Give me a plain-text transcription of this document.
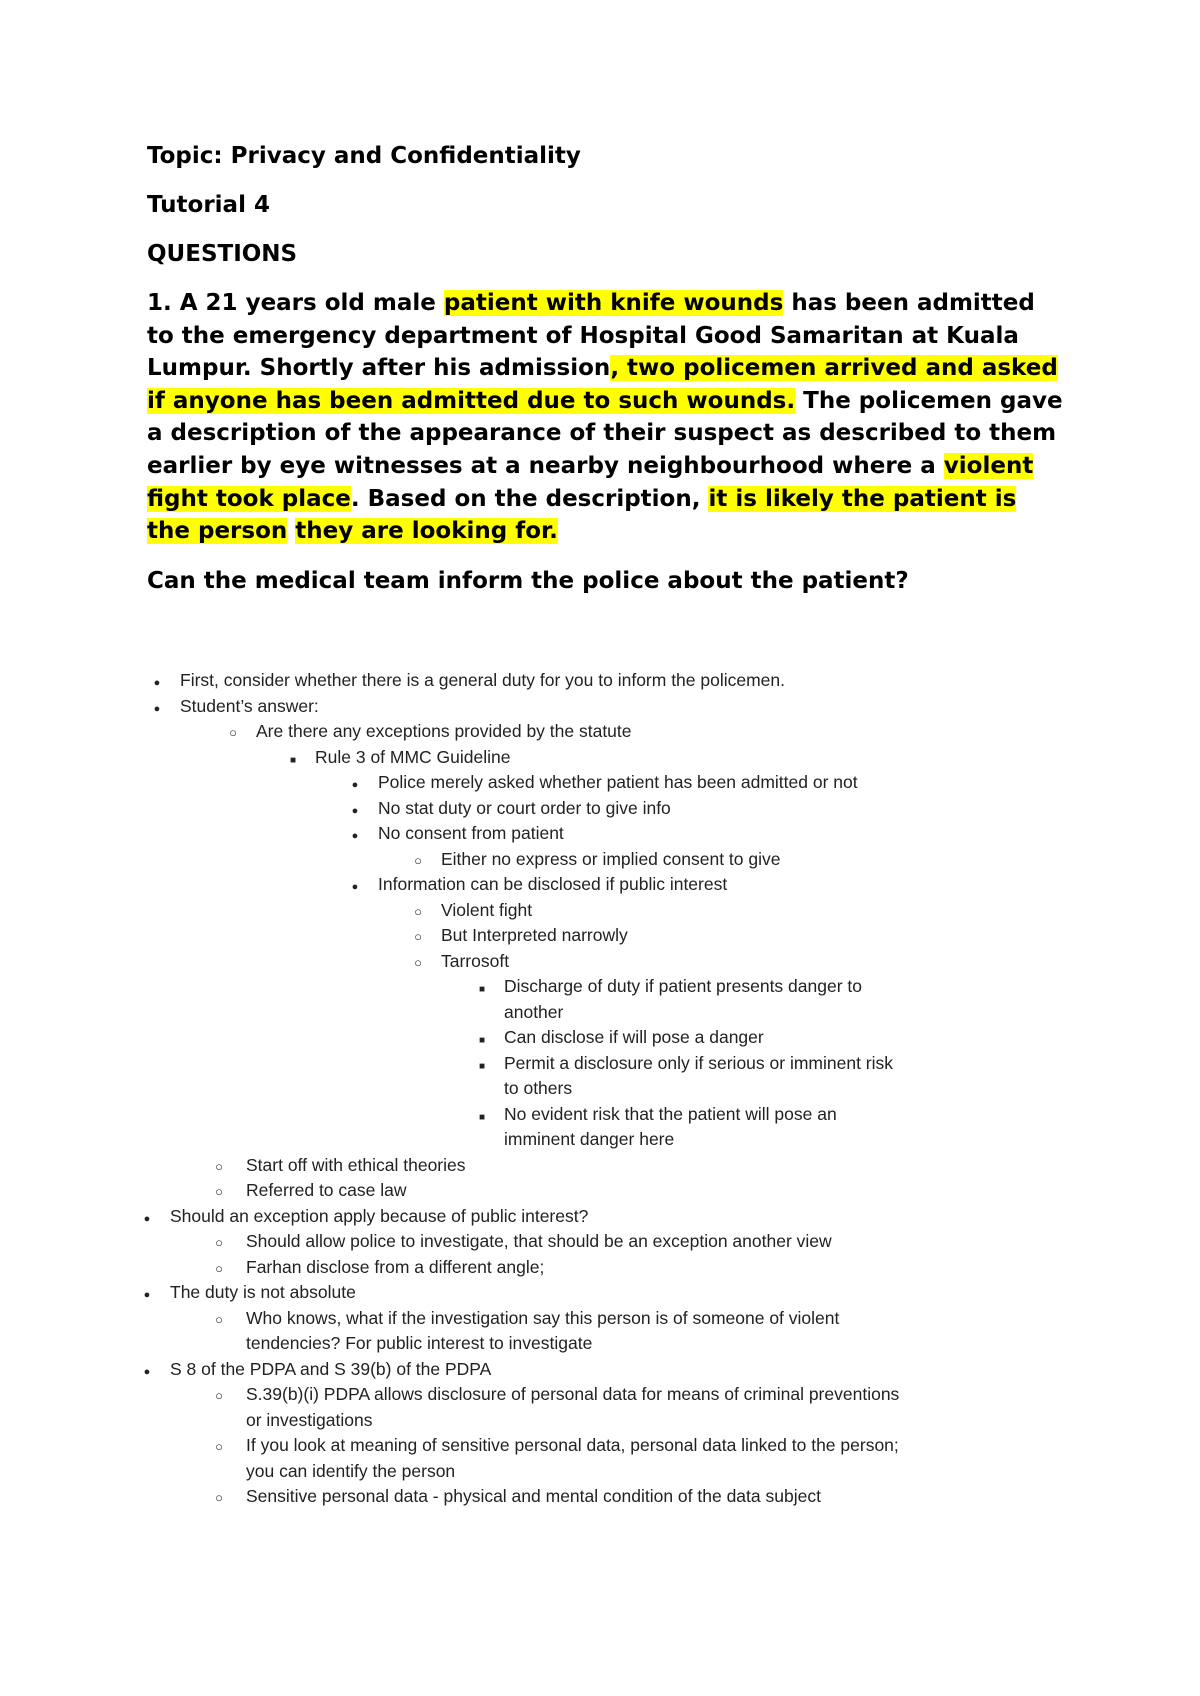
Topic: Privacy and Confidentiality

Tutorial 4

QUESTIONS

1. A 21 years old male patient with knife wounds has been admitted to the emergency department of Hospital Good Samaritan at Kuala Lumpur. Shortly after his admission, two policemen arrived and asked if anyone has been admitted due to such wounds. The policemen gave a description of the appearance of their suspect as described to them earlier by eye witnesses at a nearby neighbourhood where a violent fight took place. Based on the description, it is likely the patient is the person they are looking for.

Can the medical team inform the police about the patient?

●
First, consider whether there is a general duty for you to inform the policemen.
●
Student’s answer:
○
Are there any exceptions provided by the statute
■
Rule 3 of MMC Guideline
●
Police merely asked whether patient has been admitted or not
●
No stat duty or court order to give info
●
No consent from patient
○
Either no express or implied consent to give
●
Information can be disclosed if public interest
○
Violent fight
○
But Interpreted narrowly
○
Tarrosoft
■
Discharge of duty if patient presents danger to another
■
Can disclose if will pose a danger
■
Permit a disclosure only if serious or imminent risk to others
■
No evident risk that the patient will pose an imminent danger here
○
Start off with ethical theories
○
Referred to case law
●
Should an exception apply because of public interest?
○
Should allow police to investigate, that should be an exception another view
○
Farhan disclose from a different angle;
●
The duty is not absolute
○
Who knows, what if the investigation say this person is of someone of violent tendencies? For public interest to investigate
●
S 8 of the PDPA and S 39(b) of the PDPA
○
S.39(b)(i) PDPA allows disclosure of personal data for means of criminal preventions or investigations
○
If you look at meaning of sensitive personal data, personal data linked to the person; you can identify the person
○
Sensitive personal data - physical and mental condition of the data subject
